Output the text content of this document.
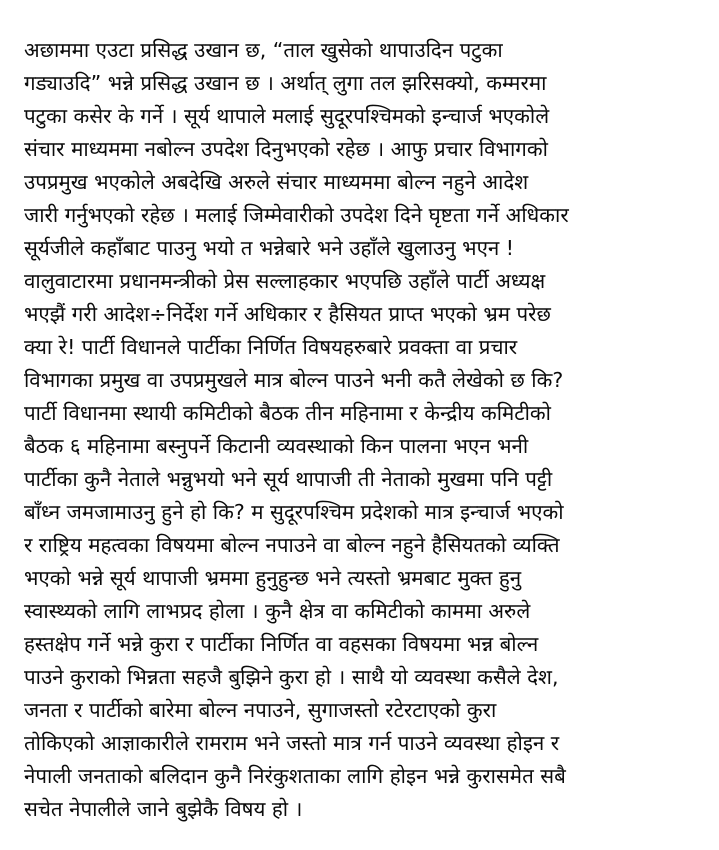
अछाममा एउटा प्रसिद्ध उखान छ, “ताल खुसेको थापाउदिन पटुका
गड्याउदि” भन्ने प्रसिद्ध उखान छ । अर्थात् लुगा तल झरिसक्यो, कम्मरमा
पटुका कसेर के गर्ने । सूर्य थापाले मलाई सुदूरपश्चिमको इन्चार्ज भएकोले
संचार माध्यममा नबोल्न उपदेश दिनुभएको रहेछ । आफु प्रचार विभागको
उपप्रमुख भएकोले अबदेखि अरुले संचार माध्यममा बोल्न नहुने आदेश
जारी गर्नुभएको रहेछ । मलाई जिम्मेवारीको उपदेश दिने घृष्टता गर्ने अधिकार
सूर्यजीले कहाँबाट पाउनु भयो त भन्नेबारे भने उहाँले खुलाउनु भएन !
वालुवाटारमा प्रधानमन्त्रीको प्रेस सल्लाहकार भएपछि उहाँले पार्टी अध्यक्ष
भएझैं गरी आदेश÷निर्देश गर्ने अधिकार र हैसियत प्राप्त भएको भ्रम परेछ
क्या रे! पार्टी विधानले पार्टीका निर्णित विषयहरुबारे प्रवक्ता वा प्रचार
विभागका प्रमुख वा उपप्रमुखले मात्र बोल्न पाउने भनी कतै लेखेको छ कि?
पार्टी विधानमा स्थायी कमिटीको बैठक तीन महिनामा र केन्द्रीय कमिटीको
बैठक ६ महिनामा बस्नुपर्ने किटानी व्यवस्थाको किन पालना भएन भनी
पार्टीका कुनै नेताले भन्नुभयो भने सूर्य थापाजी ती नेताको मुखमा पनि पट्टी
बाँध्न जमजामाउनु हुने हो कि? म सुदूरपश्चिम प्रदेशको मात्र इन्चार्ज भएको
र राष्ट्रिय महत्वका विषयमा बोल्न नपाउने वा बोल्न नहुने हैसियतको व्यक्ति
भएको भन्ने सूर्य थापाजी भ्रममा हुनुहुन्छ भने त्यस्तो भ्रमबाट मुक्त हुनु
स्वास्थ्यको लागि लाभप्रद होला । कुनै क्षेत्र वा कमिटीको काममा अरुले
हस्तक्षेप गर्ने भन्ने कुरा र पार्टीका निर्णित वा वहसका विषयमा भन्न बोल्न
पाउने कुराको भिन्नता सहजै बुझिने कुरा हो । साथै यो व्यवस्था कसैले देश,
जनता र पार्टीको बारेमा बोल्न नपाउने, सुगाजस्तो रटेरटाएको कुरा
तोकिएको आज्ञाकारीले रामराम भने जस्तो मात्र गर्न पाउने व्यवस्था होइन र
नेपाली जनताको बलिदान कुनै निरंकुशताका लागि होइन भन्ने कुरासमेत सबै
सचेत नेपालीले जाने बुझेकै विषय हो ।
